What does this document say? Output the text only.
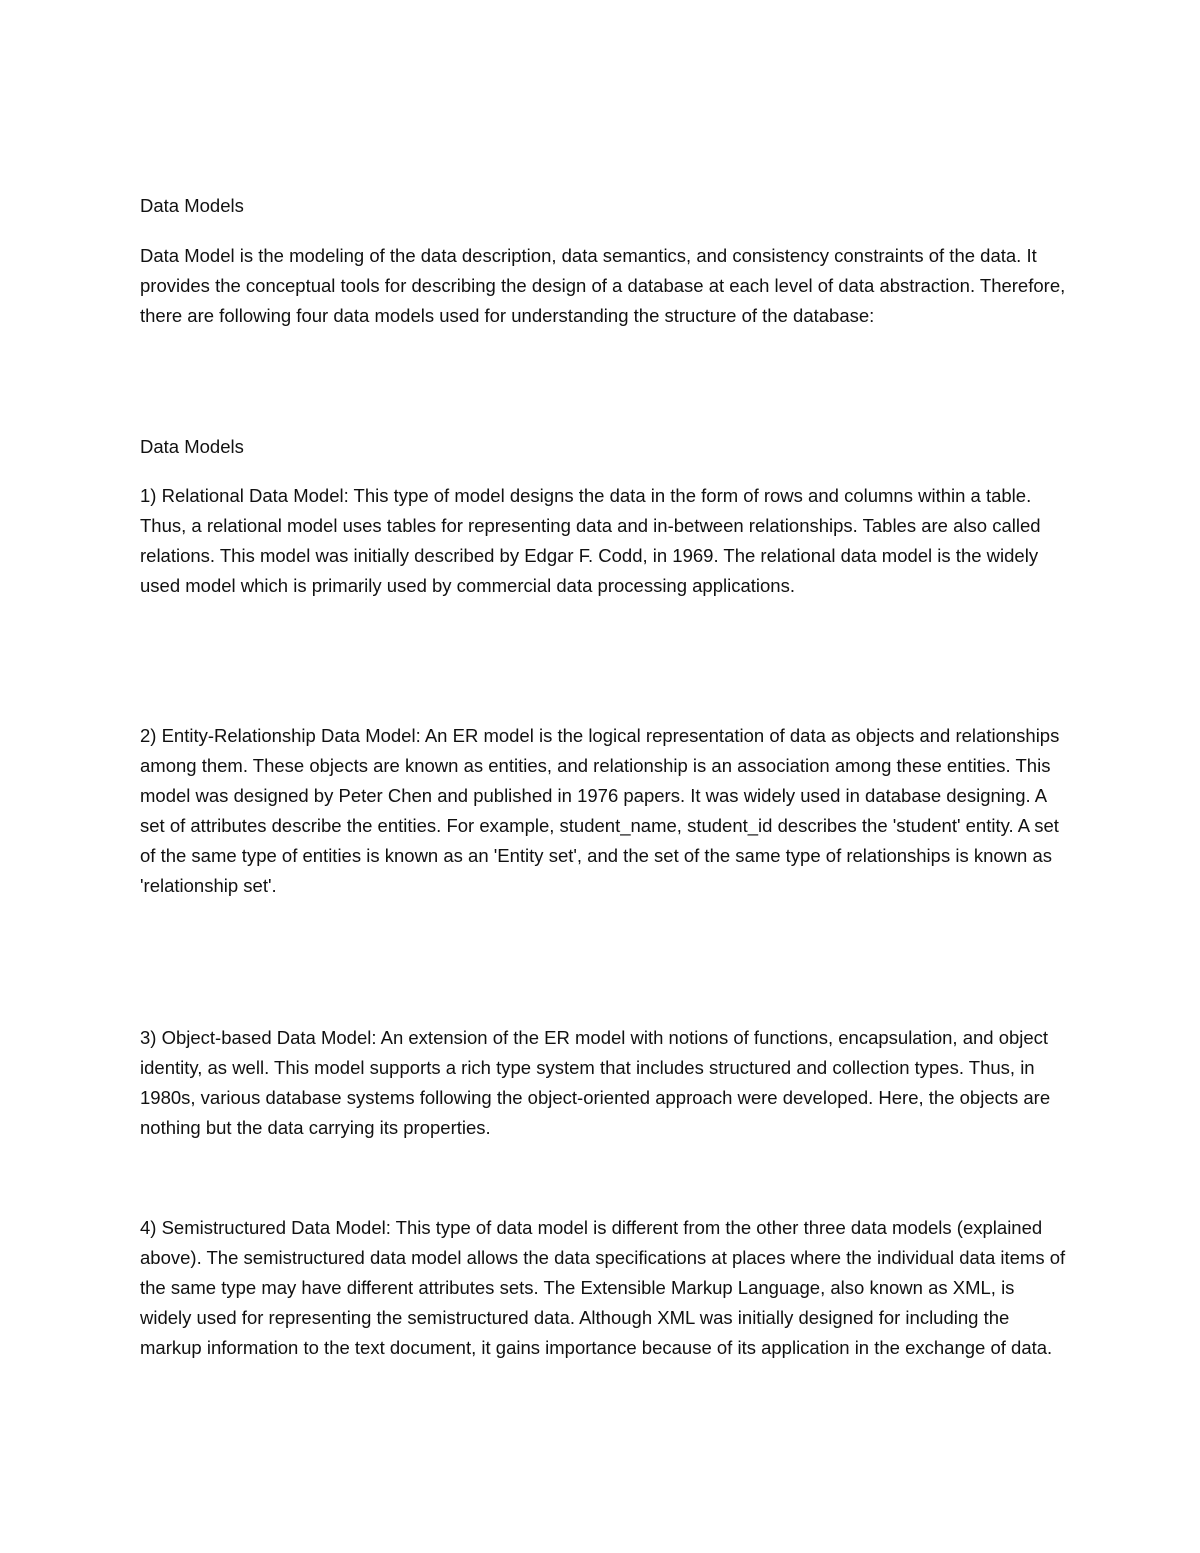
Data Models

Data Model is the modeling of the data description, data semantics, and consistency constraints of the data. It provides the conceptual tools for describing the design of a database at each level of data abstraction. Therefore, there are following four data models used for understanding the structure of the database:

Data Models

1) Relational Data Model: This type of model designs the data in the form of rows and columns within a table. Thus, a relational model uses tables for representing data and in-between relationships. Tables are also called relations. This model was initially described by Edgar F. Codd, in 1969. The relational data model is the widely used model which is primarily used by commercial data processing applications.

2) Entity-Relationship Data Model: An ER model is the logical representation of data as objects and relationships among them. These objects are known as entities, and relationship is an association among these entities. This model was designed by Peter Chen and published in 1976 papers. It was widely used in database designing. A set of attributes describe the entities. For example, student_name, student_id describes the 'student' entity. A set of the same type of entities is known as an 'Entity set', and the set of the same type of relationships is known as 'relationship set'.

3) Object-based Data Model: An extension of the ER model with notions of functions, encapsulation, and object identity, as well. This model supports a rich type system that includes structured and collection types. Thus, in 1980s, various database systems following the object-oriented approach were developed. Here, the objects are nothing but the data carrying its properties.

4) Semistructured Data Model: This type of data model is different from the other three data models (explained above). The semistructured data model allows the data specifications at places where the individual data items of the same type may have different attributes sets. The Extensible Markup Language, also known as XML, is widely used for representing the semistructured data. Although XML was initially designed for including the markup information to the text document, it gains importance because of its application in the exchange of data.
